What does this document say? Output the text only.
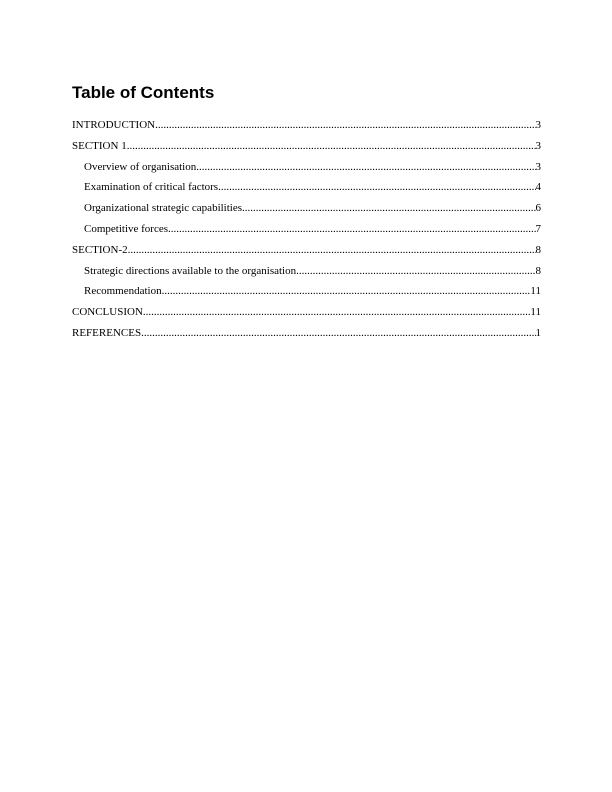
Table of Contents
INTRODUCTION .....	3
SECTION 1 .....	3
Overview of organisation .....	3
Examination of critical factors .....	4
Organizational strategic capabilities .....	6
Competitive forces .....	7
SECTION-2 .....	8
Strategic directions available to the organisation .....	8
Recommendation .....	11
CONCLUSION .....	11
REFERENCES .....	1
